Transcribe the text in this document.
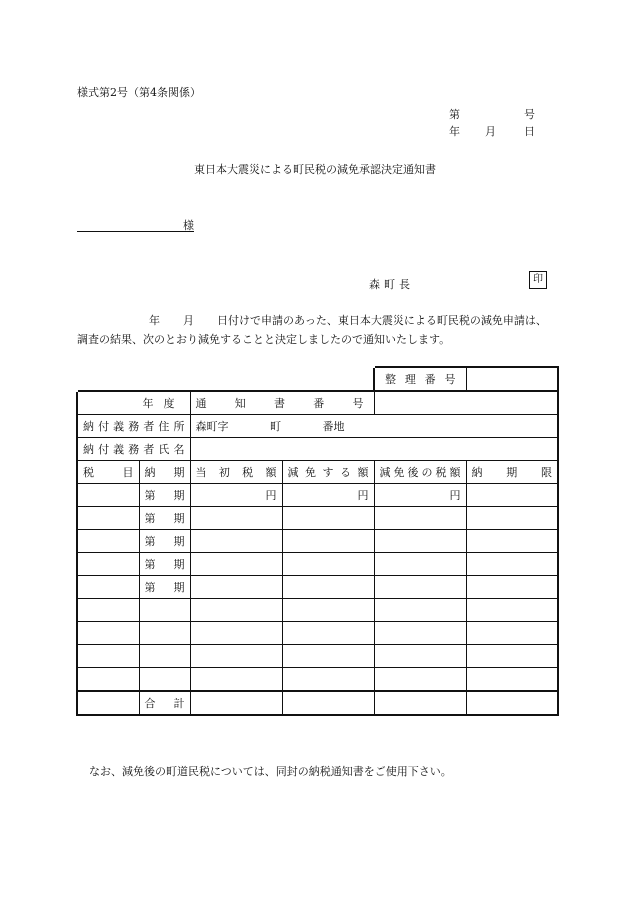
様式第2号（第4条関係）
第	号
年 月	日
東日本大震災による町民税の減免承認決定通知書
様
森町長	印
年 月 日付けで申請のあった、東日本大震災による町民税の減免申請は、
調査の結果、次のとおり減免することと決定しましたので通知いたします。
				整理番号	
年度		通知書番号			
納付義務者住所		森町字 町 番地			
納付義務者氏名					
税目	納期	当初税額	減免する額	減免後の税額	納期限
	第期	円	円	円	
	第期				
	第期				
	第期				
	第期				

	合計				
なお、減免後の町道民税については、同封の納税通知書をご使用下さい。
